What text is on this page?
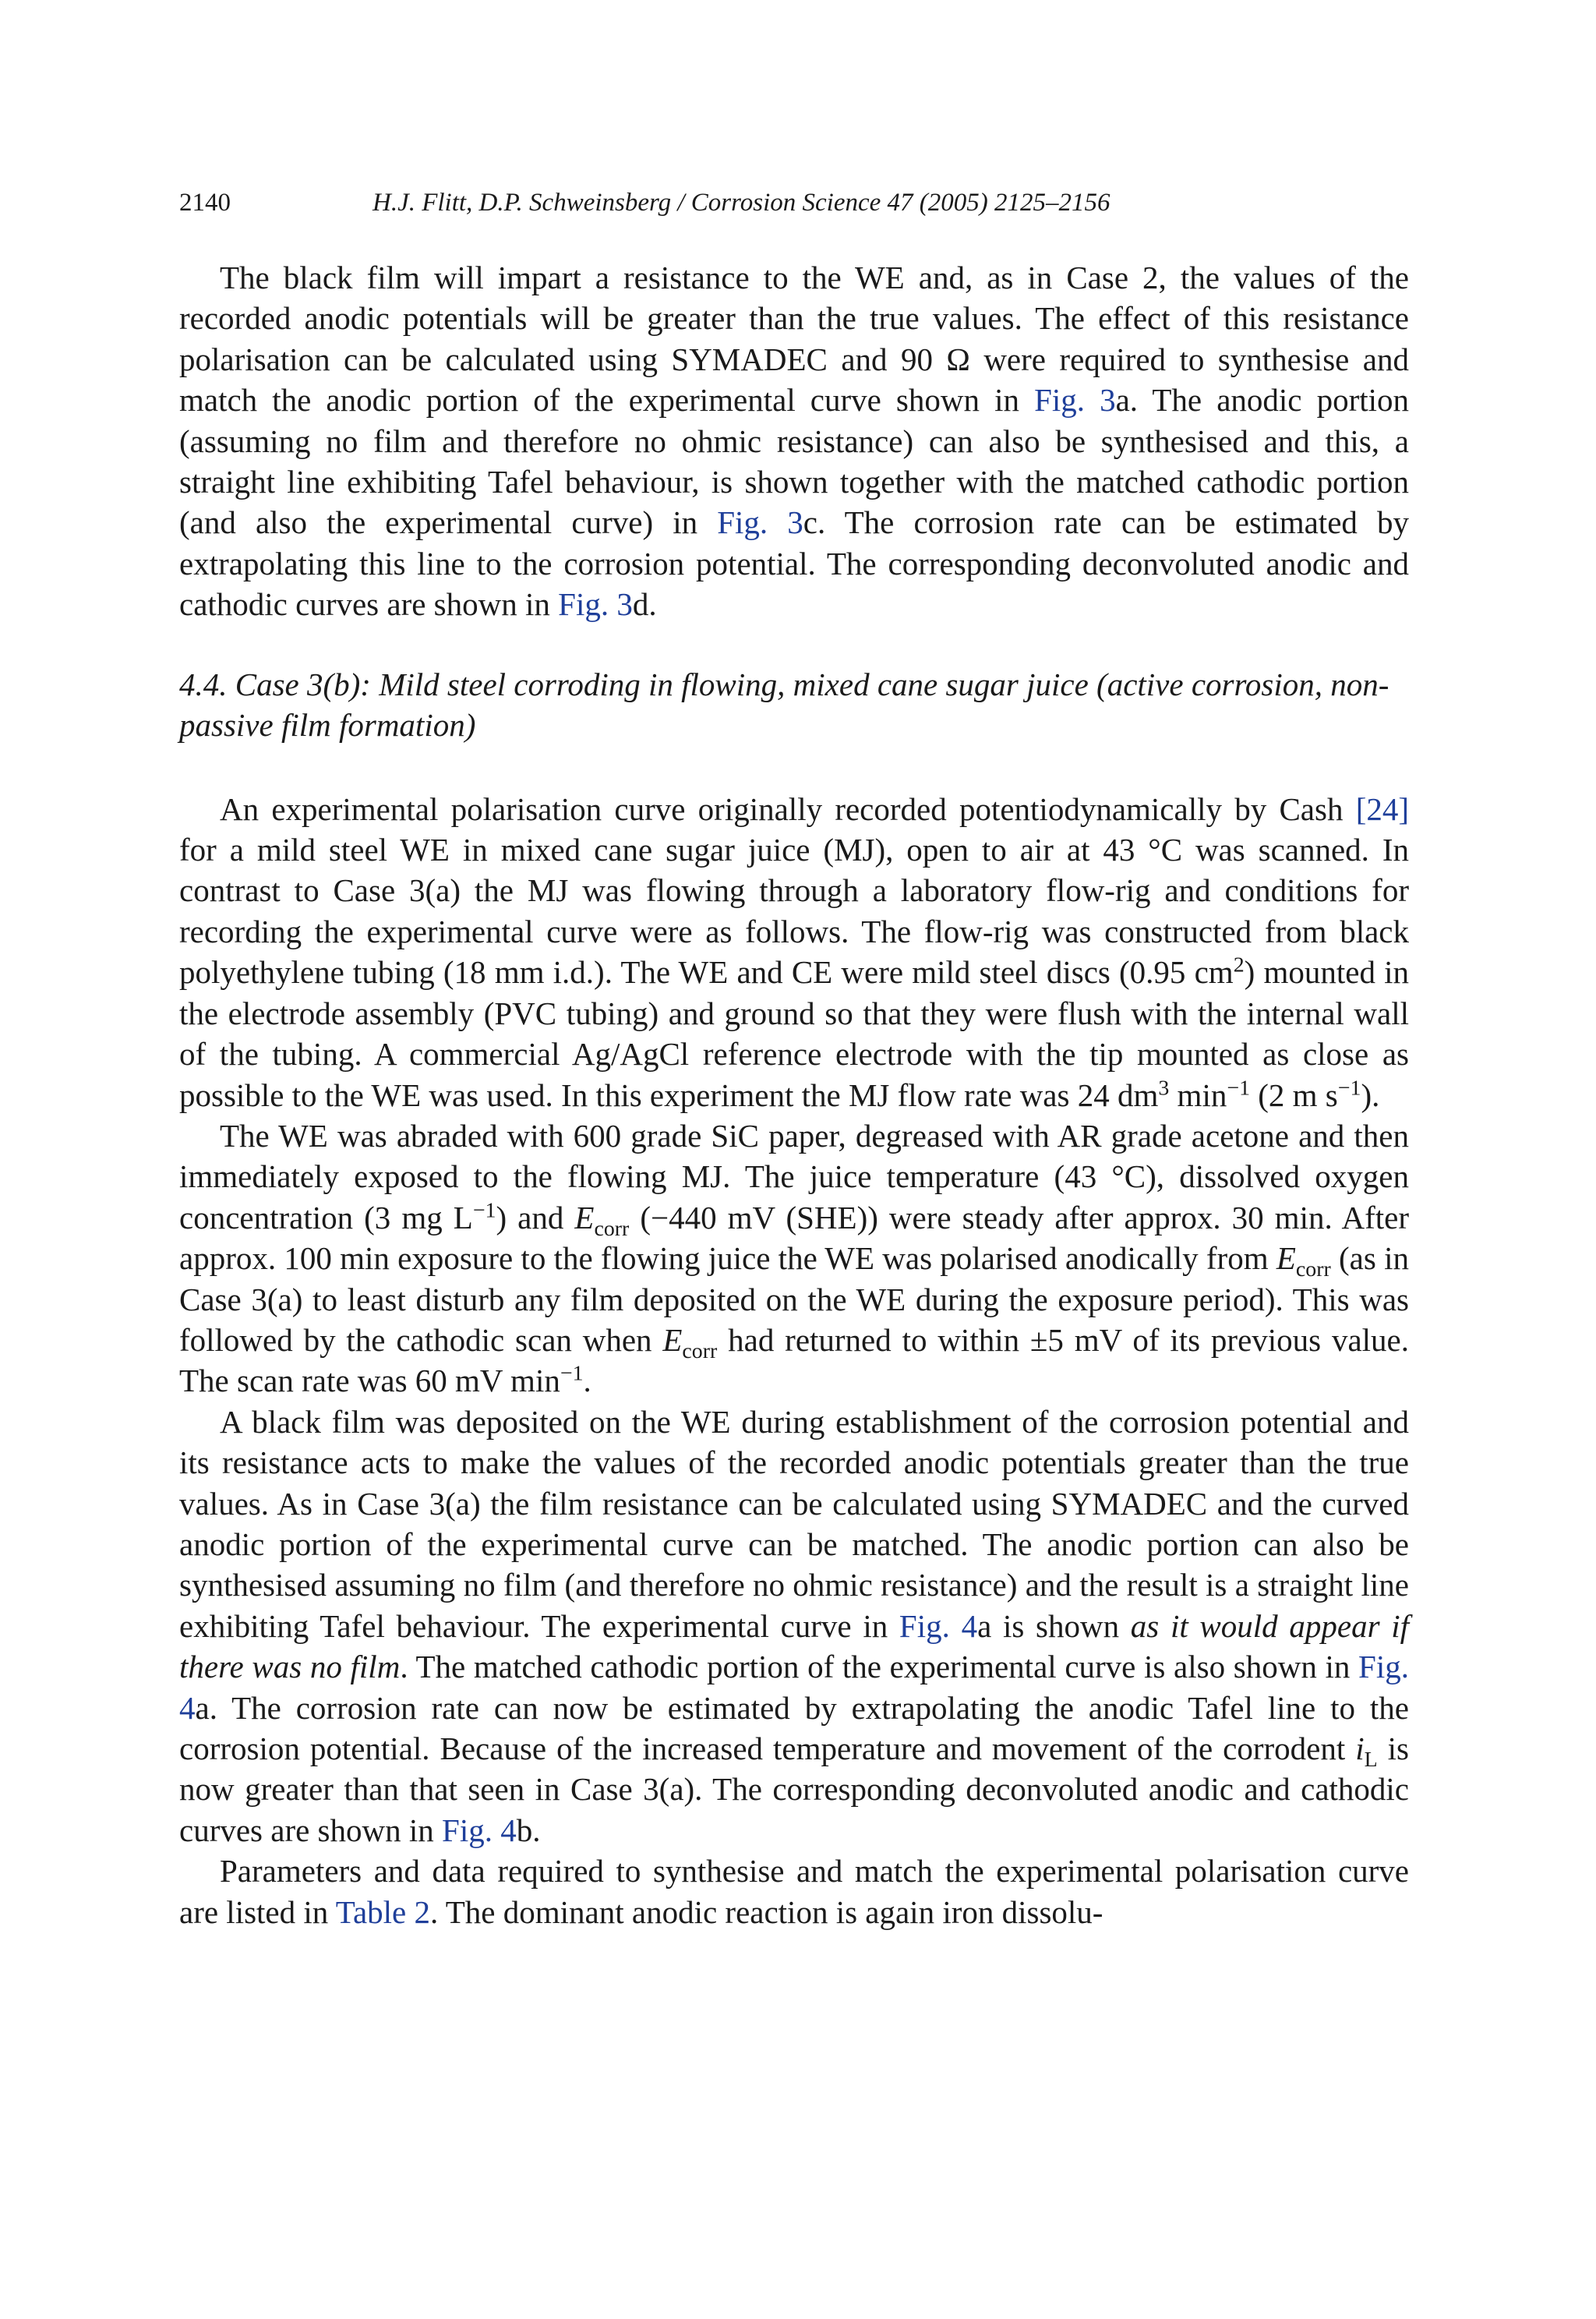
2140	H.J. Flitt, D.P. Schweinsberg / Corrosion Science 47 (2005) 2125–2156

The black film will impart a resistance to the WE and, as in Case 2, the values of the recorded anodic potentials will be greater than the true values. The effect of this resistance polarisation can be calculated using SYMADEC and 90 Ω were required to synthesise and match the anodic portion of the experimental curve shown in Fig. 3a. The anodic portion (assuming no film and therefore no ohmic resistance) can also be synthesised and this, a straight line exhibiting Tafel behaviour, is shown together with the matched cathodic portion (and also the experimental curve) in Fig. 3c. The corrosion rate can be estimated by extrapolating this line to the corrosion potential. The corresponding deconvoluted anodic and cathodic curves are shown in Fig. 3d.

4.4. Case 3(b): Mild steel corroding in flowing, mixed cane sugar juice (active corrosion, non-passive film formation)

An experimental polarisation curve originally recorded potentiodynamically by Cash [24] for a mild steel WE in mixed cane sugar juice (MJ), open to air at 43 °C was scanned. In contrast to Case 3(a) the MJ was flowing through a laboratory flow-rig and conditions for recording the experimental curve were as follows. The flow-rig was constructed from black polyethylene tubing (18 mm i.d.). The WE and CE were mild steel discs (0.95 $cm^2$) mounted in the electrode assembly (PVC tubing) and ground so that they were flush with the internal wall of the tubing. A commercial Ag/AgCl reference electrode with the tip mounted as close as possible to the WE was used. In this experiment the MJ flow rate was 24 $dm^3$ $\min^{-1} (2$ m $s^{-1}$).

The WE was abraded with 600 grade SiC paper, degreased with AR grade acetone and then immediately exposed to the flowing MJ. The juice temperature (43 °C), dissolved oxygen concentration (3 mg $L^{-1}$) and $E_{corr}$ (−440 mV (SHE)) were steady after approx. 30 min. After approx. 100 min exposure to the flowing juice the WE was polarised anodically from $E_{corr}$ (as in Case 3(a) to least disturb any film deposited on the WE during the exposure period). This was followed by the cathodic scan when $E_{corr}$ had returned to within ±5 mV of its previous value. The scan rate was 60 mV $\min^{-1}$.

A black film was deposited on the WE during establishment of the corrosion potential and its resistance acts to make the values of the recorded anodic potentials greater than the true values. As in Case 3(a) the film resistance can be calculated using SYMADEC and the curved anodic portion of the experimental curve can be matched. The anodic portion can also be synthesised assuming no film (and therefore no ohmic resistance) and the result is a straight line exhibiting Tafel behaviour. The experimental curve in Fig. 4a is shown as it would appear if there was no film. The matched cathodic portion of the experimental curve is also shown in Fig. 4a. The corrosion rate can now be estimated by extrapolating the anodic Tafel line to the corrosion potential. Because of the increased temperature and movement of the corrodent $i_L$ is now greater than that seen in Case 3(a). The corresponding deconvoluted anodic and cathodic curves are shown in Fig. 4b.

Parameters and data required to synthesise and match the experimental polarisation curve are listed in Table 2. The dominant anodic reaction is again iron dissolu-
